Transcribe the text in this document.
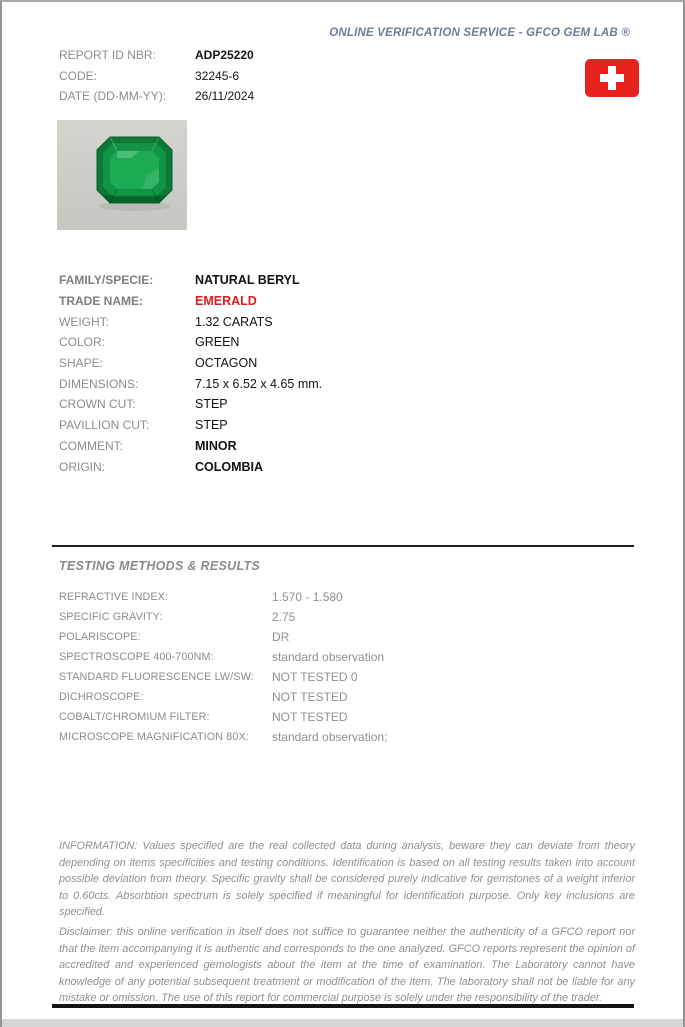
ONLINE VERIFICATION SERVICE - GFCO GEM LAB ®
REPORT ID NBR:	ADP25220
CODE:	32245-6
DATE (DD-MM-YY):	26/11/2024
FAMILY/SPECIE:	NATURAL BERYL
TRADE NAME:	EMERALD
WEIGHT:	1.32 CARATS
COLOR:	GREEN
SHAPE:	OCTAGON
DIMENSIONS:	7.15 x 6.52 x 4.65 mm.
CROWN CUT:	STEP
PAVILLION CUT:	STEP
COMMENT:	MINOR
ORIGIN:	COLOMBIA
TESTING METHODS & RESULTS
REFRACTIVE INDEX:	1.570 - 1.580
SPECIFIC GRAVITY:	2.75
POLARISCOPE:	DR
SPECTROSCOPE 400-700NM:	standard observation
STANDARD FLUORESCENCE LW/SW:	NOT TESTED 0
DICHROSCOPE:	NOT TESTED
COBALT/CHROMIUM FILTER:	NOT TESTED
MICROSCOPE MAGNIFICATION 80X:	standard observation;
INFORMATION: Values specified are the real collected data during analysis, beware they can deviate from theory depending on items specificities and testing conditions. Identification is based on all testing results taken into account possible deviation from theory. Specific gravity shall be considered purely indicative for gemstones of a weight inferior to 0.60cts. Absorbtion spectrum is solely specified if meaningful for identification purpose. Only key inclusions are specified.
Disclaimer: this online verification in itself does not suffice to guarantee neither the authenticity of a GFCO report nor that the item accompanying it is authentic and corresponds to the one analyzed. GFCO reports represent the opinion of accredited and experienced gemologists about the item at the time of examination. The Laboratory cannot have knowledge of any potential subsequent treatment or modification of the item. The laboratory shall not be liable for any mistake or omission. The use of this report for commercial purpose is solely under the responsibility of the trader.
